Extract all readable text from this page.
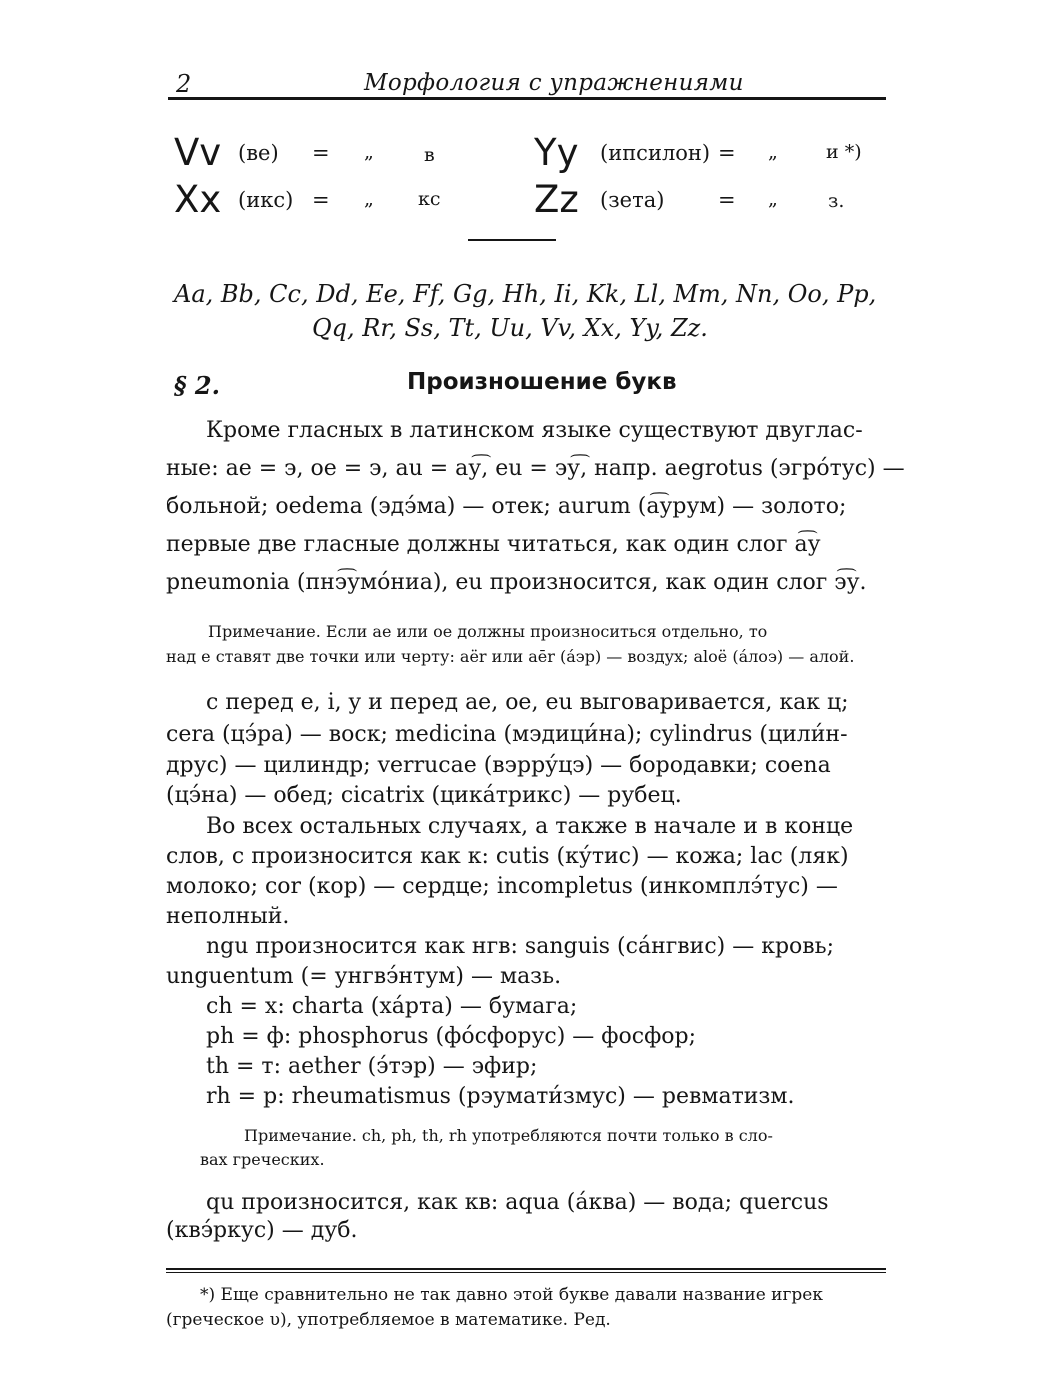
2	Морфология с упражнениями
Vv (ве) = „	в	Yy (ипсилон) = „	и *)
Xx (икс) = „ кс	Zz (зета)	= „	з.
Aa, Bb, Cc, Dd, Ee, Ff, Gg, Hh, Ii, Kk, Ll, Mm, Nn, Oo, Pp,
Qq, Rr, Ss, Tt, Uu, Vv, Xx, Yy, Zz.
§ 2.	Произношение букв
Кроме гласных в латинском языке существуют двуглас-
ные: ae = э, oe = э, au = ау͡, eu = эу͡, напр. aegrotus (эгро́тус) —
больной; oedema (эдэ́ма) — отек; aurum (а͡урум) — золото;
первые две гласные должны читаться, как один слог а͡у
pneumonia (пнэ͡умо́ниа), eu произносится, как один слог э͡у.
Примечание. Если ae или oe должны произноситься отдельно, то
над e ставят две точки или черту: aër или aēr (а́эр) — воздух; aloë (а́лоэ) — алой.
c перед e, i, y и перед ae, oe, eu выговаривается, как ц;
cera (цэ́ра) — воск; medicina (мэдици́на); cylindrus (цили́н-
друс) — цилиндр; verrucae (вэрру́цэ) — бородавки; coena
(цэ́на) — обед; cicatrix (цика́трикс) — рубец.
Во всех остальных случаях, а также в начале и в конце
слов, c произносится как к: cutis (ку́тис) — кожа; lac (ляк)
молоко; cor (кор) — сердце; incompletus (инкомплэ́тус) —
неполный.
ngu произносится как нгв: sanguis (са́нгвис) — кровь;
unguentum (= унгвэ́нтум) — мазь.
ch = х: charta (ха́рта) — бумага;
ph = ф: phosphorus (фо́сфорус) — фосфор;
th = т: aether (э́тэр) — эфир;
rh = р: rheumatismus (рэумати́змус) — ревматизм.
Примечание. ch, ph, th, rh употребляются почти только в сло-
вах греческих.
qu произносится, как кв: aqua (а́ква) — вода; quercus
(квэ́ркус) — дуб.
*) Еще сравнительно не так давно этой букве давали название игрек
(греческое υ), употребляемое в математике. Ред.
